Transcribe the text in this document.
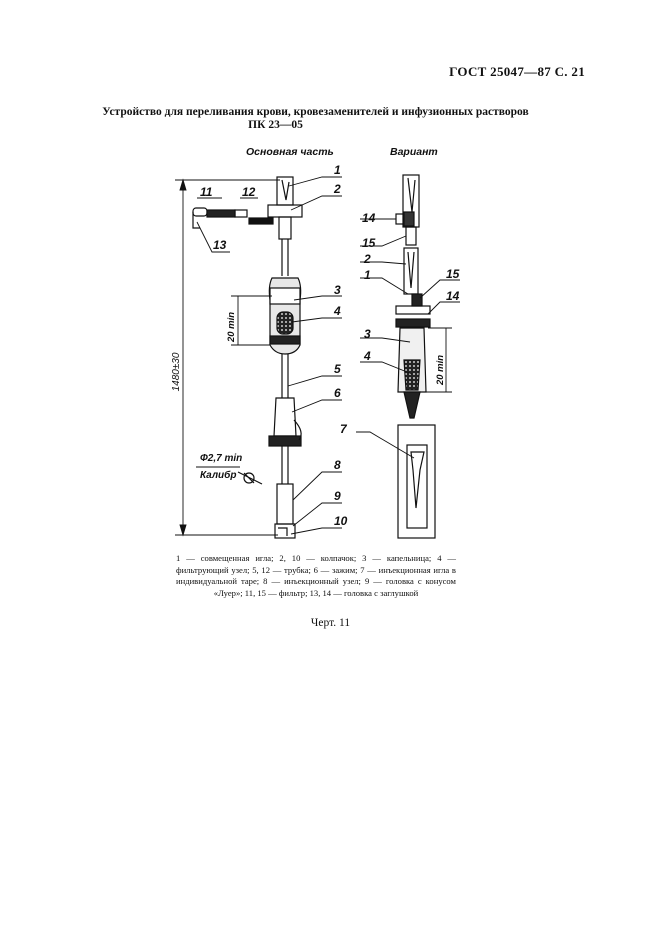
ГОСТ 25047—87 С. 21
Устройство для переливания крови, кровезаменителей и инфузионных растворов
ПК 23—05
Основная часть	Вариант
1480±30
20 min
Ф2,7 min
Калибр
1
2
3
4
5
6
8
9
10
11 12
13
20 min
14
15
2
1	15
14
3
4
7
1 — совмещенная игла; 2, 10 — колпачок; 3 — капельница; 4 — фильтрующий узел; 5, 12 — трубка; 6 — зажим; 7 — инъекционная игла в индивидуальной таре; 8 — инъекционный узел; 9 — головка с конусом «Луер»; 11, 15 — фильтр; 13, 14 — головка с заглушкой
Черт. 11
